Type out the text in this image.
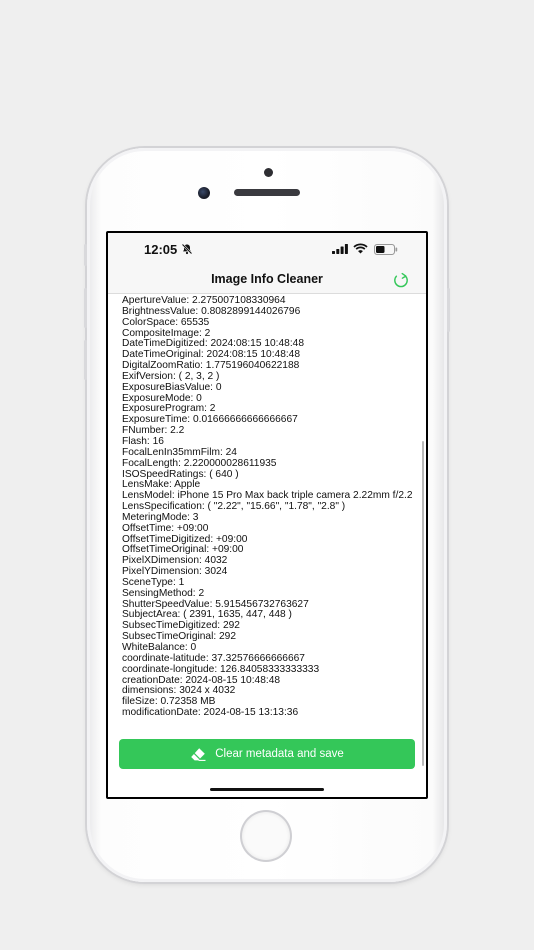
12:05
Image Info Cleaner
ApertureValue: 2.275007108330964
BrightnessValue: 0.8082899144026796
ColorSpace: 65535
CompositeImage: 2
DateTimeDigitized: 2024:08:15 10:48:48
DateTimeOriginal: 2024:08:15 10:48:48
DigitalZoomRatio: 1.775196040622188
ExifVersion: ( 2, 3, 2 )
ExposureBiasValue: 0
ExposureMode: 0
ExposureProgram: 2
ExposureTime: 0.01666666666666667
FNumber: 2.2
Flash: 16
FocalLenIn35mmFilm: 24
FocalLength: 2.220000028611935
ISOSpeedRatings: ( 640 )
LensMake: Apple
LensModel: iPhone 15 Pro Max back triple camera 2.22mm f/2.2
LensSpecification: ( "2.22", "15.66", "1.78", "2.8" )
MeteringMode: 3
OffsetTime: +09:00
OffsetTimeDigitized: +09:00
OffsetTimeOriginal: +09:00
PixelXDimension: 4032
PixelYDimension: 3024
SceneType: 1
SensingMethod: 2
ShutterSpeedValue: 5.915456732763627
SubjectArea: ( 2391, 1635, 447, 448 )
SubsecTimeDigitized: 292
SubsecTimeOriginal: 292
WhiteBalance: 0
coordinate-latitude: 37.32576666666667
coordinate-longitude: 126.84058333333333
creationDate: 2024-08-15 10:48:48
dimensions: 3024 x 4032
fileSize: 0.72358 MB
modificationDate: 2024-08-15 13:13:36
Clear metadata and save
